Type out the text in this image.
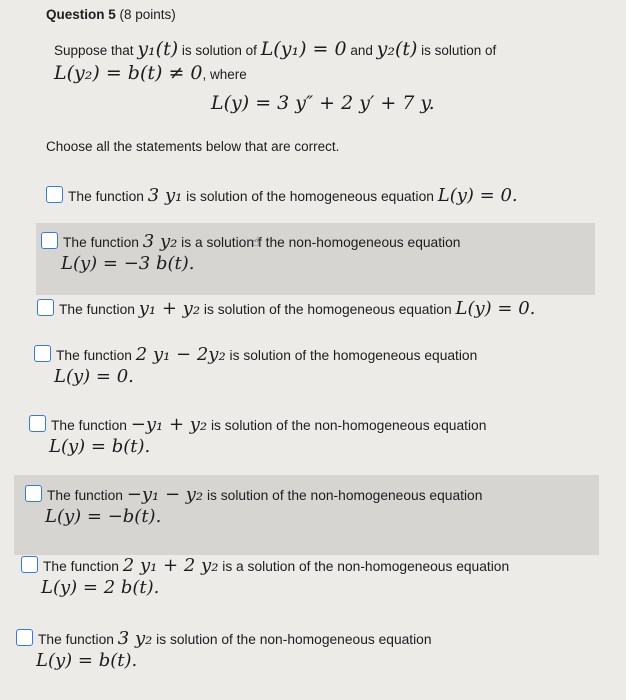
Question 5 (8 points)
Suppose that y₁(t) is solution of L(y₁) = 0 and y₂(t) is solution of
L(y₂) = b(t) ≠ 0, where
L(y) = 3 y″ + 2 y′ + 7 y.
Choose all the statements below that are correct.
The function 3 y₁ is solution of the homogeneous equation L(y) = 0.
The function 3 y₂ is a solution☝f the non-homogeneous equation
L(y) = −3 b(t).
The function y₁ + y₂ is solution of the homogeneous equation L(y) = 0.
The function 2 y₁ − 2y₂ is solution of the homogeneous equation
L(y) = 0.
The function −y₁ + y₂ is solution of the non-homogeneous equation
L(y) = b(t).
The function −y₁ − y₂ is solution of the non-homogeneous equation
L(y) = −b(t).
The function 2 y₁ + 2 y₂ is a solution of the non-homogeneous equation
L(y) = 2 b(t).
The function 3 y₂ is solution of the non-homogeneous equation
L(y) = b(t).
